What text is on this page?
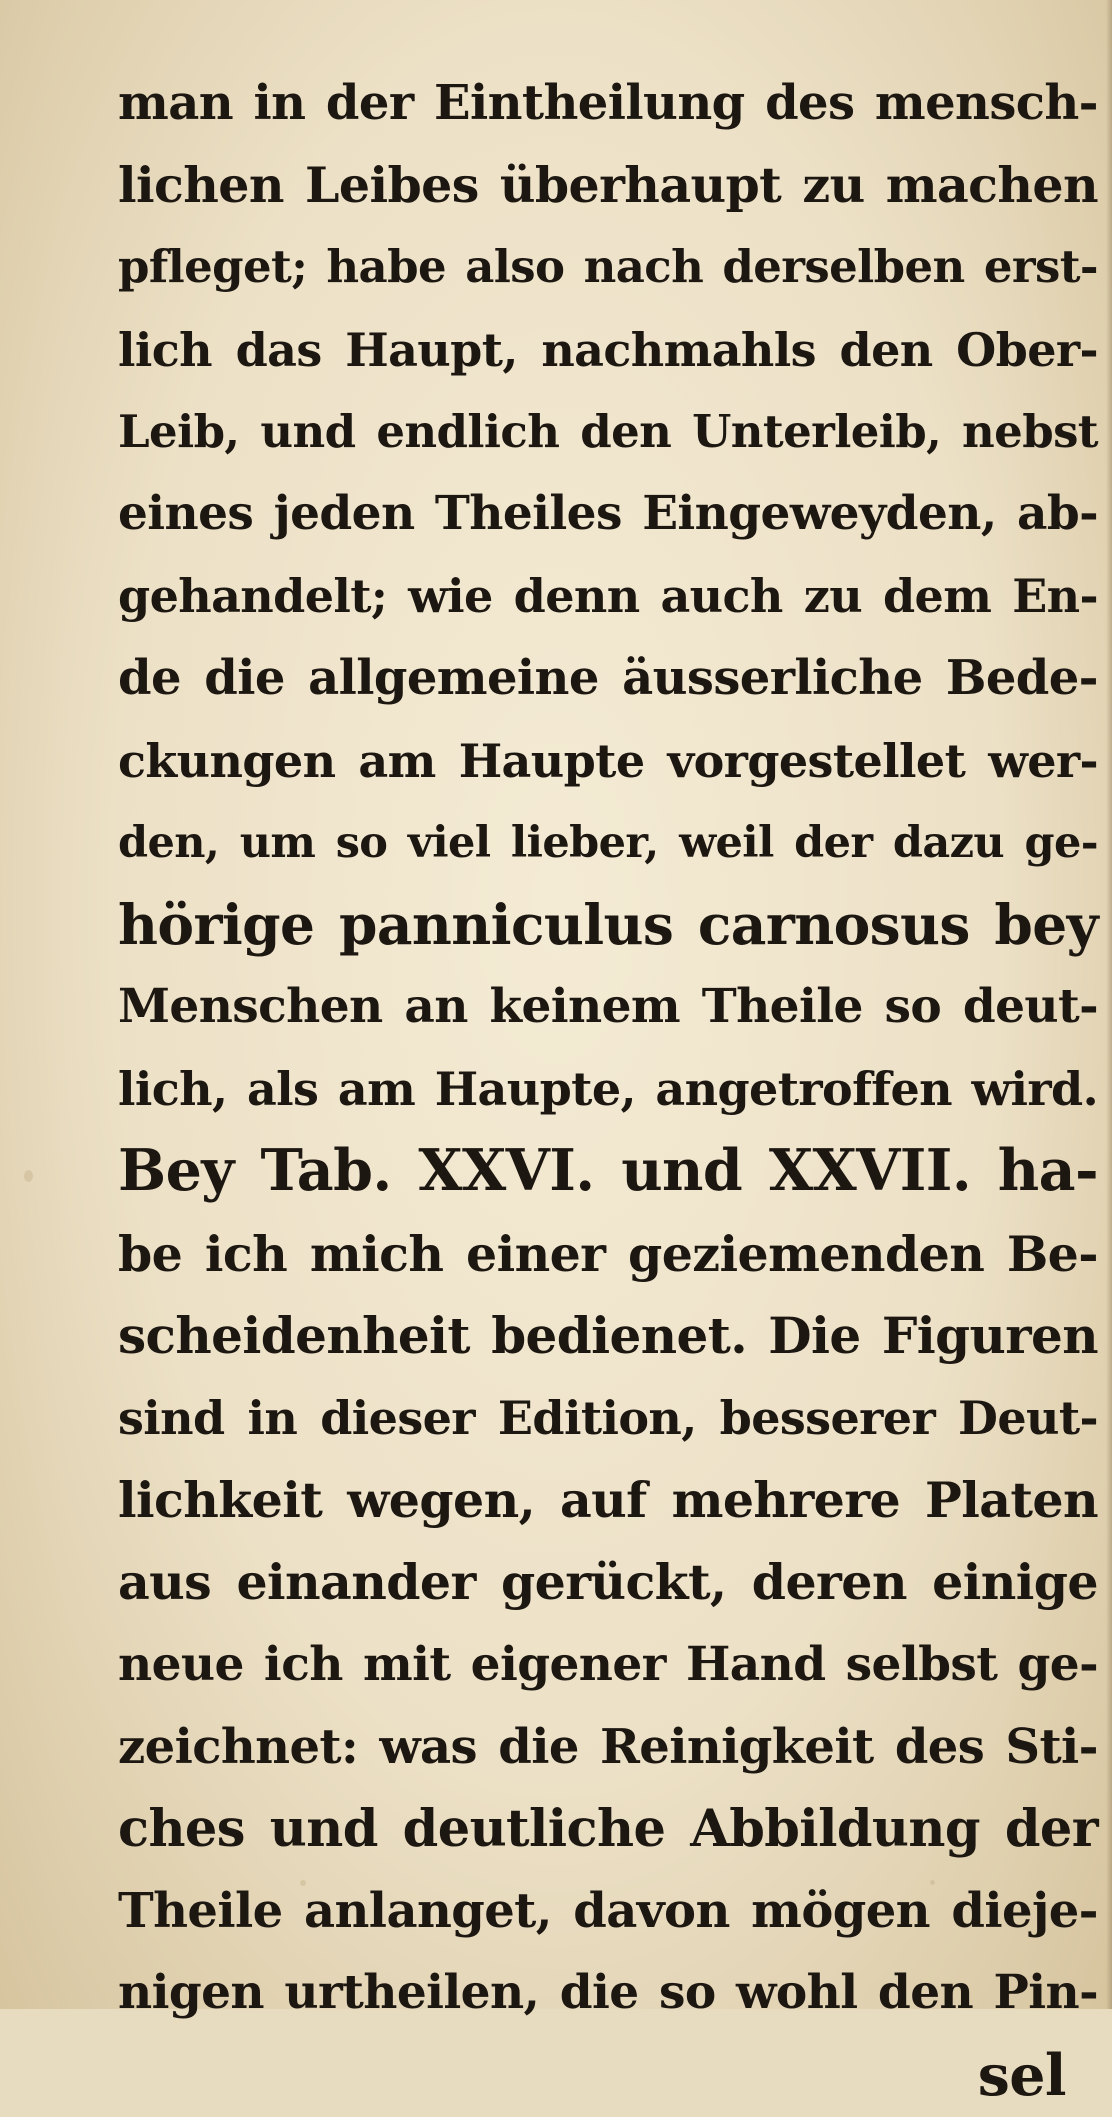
man in der Eintheilung des mensch-
lichen Leibes überhaupt zu machen
pfleget; habe also nach derselben erst-
lich das Haupt, nachmahls den Ober-
Leib, und endlich den Unterleib, nebst
eines jeden Theiles Eingeweyden, ab-
gehandelt; wie denn auch zu dem En-
de die allgemeine äusserliche Bede-
ckungen am Haupte vorgestellet wer-
den, um so viel lieber, weil der dazu ge-
hörige panniculus carnosus bey
Menschen an keinem Theile so deut-
lich, als am Haupte, angetroffen wird.
Bey Tab. XXVI. und XXVII. ha-
be ich mich einer geziemenden Be-
scheidenheit bedienet. Die Figuren
sind in dieser Edition, besserer Deut-
lichkeit wegen, auf mehrere Platen
aus einander gerückt, deren einige
neue ich mit eigener Hand selbst ge-
zeichnet: was die Reinigkeit des Sti-
ches und deutliche Abbildung der
Theile anlanget, davon mögen dieje-
nigen urtheilen, die so wohl den Pin-
sel
